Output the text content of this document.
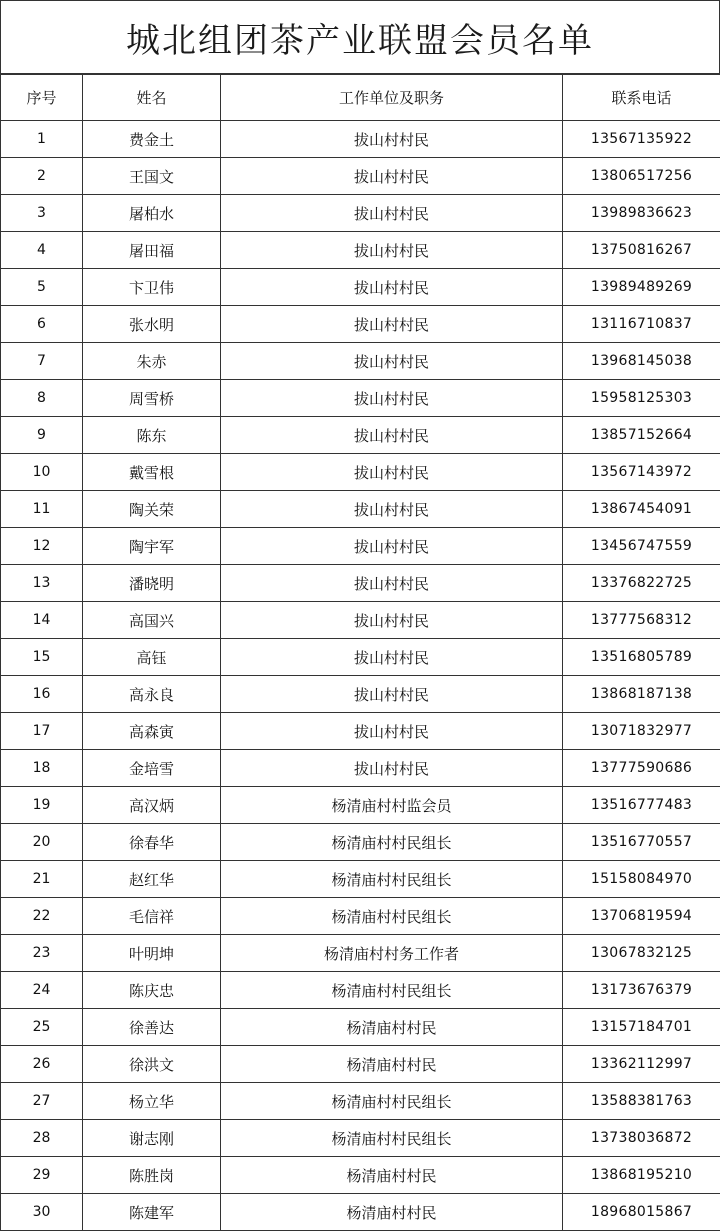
城北组团茶产业联盟会员名单
序号	姓名	工作单位及职务	联系电话
1	费金土	拔山村村民	13567135922
2	王国文	拔山村村民	13806517256
3	屠柏水	拔山村村民	13989836623
4	屠田福	拔山村村民	13750816267
5	卞卫伟	拔山村村民	13989489269
6	张水明	拔山村村民	13116710837
7	朱赤	拔山村村民	13968145038
8	周雪桥	拔山村村民	15958125303
9	陈东	拔山村村民	13857152664
10	戴雪根	拔山村村民	13567143972
11	陶关荣	拔山村村民	13867454091
12	陶宇军	拔山村村民	13456747559
13	潘晓明	拔山村村民	13376822725
14	高国兴	拔山村村民	13777568312
15	高钰	拔山村村民	13516805789
16	高永良	拔山村村民	13868187138
17	高森寅	拔山村村民	13071832977
18	金培雪	拔山村村民	13777590686
19	高汉炳	杨清庙村村监会员	13516777483
20	徐春华	杨清庙村村民组长	13516770557
21	赵红华	杨清庙村村民组长	15158084970
22	毛信祥	杨清庙村村民组长	13706819594
23	叶明坤	杨清庙村村务工作者	13067832125
24	陈庆忠	杨清庙村村民组长	13173676379
25	徐善达	杨清庙村村民	13157184701
26	徐洪文	杨清庙村村民	13362112997
27	杨立华	杨清庙村村民组长	13588381763
28	谢志刚	杨清庙村村民组长	13738036872
29	陈胜岗	杨清庙村村民	13868195210
30	陈建军	杨清庙村村民	18968015867
